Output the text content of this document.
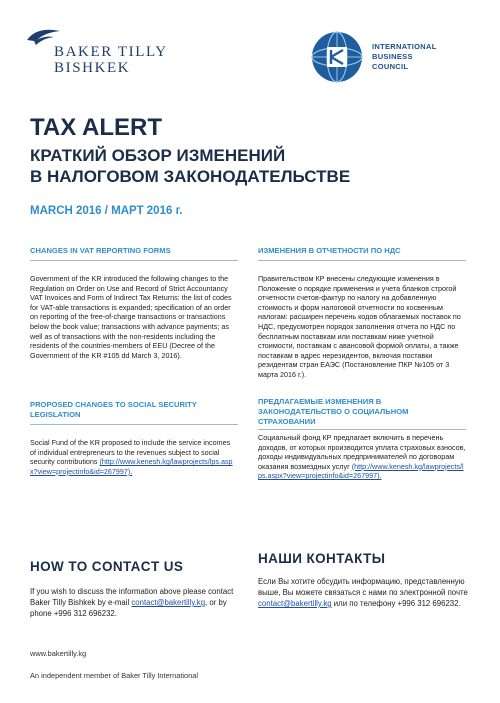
BAKER TILLY
BISHKEK
INTERNATIONAL
BUSINESS
COUNCIL
TAX ALERT
КРАТКИЙ ОБЗОР ИЗМЕНЕНИЙ
В НАЛОГОВОМ ЗАКОНОДАТЕЛЬСТВЕ
MARCH 2016 / МАРТ 2016 г.
CHANGES IN VAT REPORTING FORMS
Government of the KR introduced the following changes to the Regulation on Order on Use and Record of Strict Accountancy VAT Invoices and Form of Indirect Tax Returns: the list of codes for VAT-able transactions is expanded; specification of an order on reporting of the free-of-charge transactions or transactions below the book value; transactions with advance payments; as well as of transactions with the non-residents including the residents of the countries-members of EEU (Decree of the Government of the KR #105 dd March 3, 2016).
PROPOSED CHANGES TO SOCIAL SECURITY LEGISLATION
Social Fund of the KR proposed to include the service incomes of individual entrepreneurs to the revenues subject to social security contributions (http://www.kenesh.kg/lawprojects/lps.aspx?view=projectinfo&id=267997).
ИЗМЕНЕНИЯ В ОТЧЕТНОСТИ ПО НДС
Правительством КР внесены следующие изменения в Положение о порядке применения и учета бланков строгой отчетности счетов-фактур по налогу на добавленную стоимость и форм налоговой отчетности по косвенным налогам: расширен перечень кодов облагаемых поставок по НДС, предусмотрен порядок заполнения отчета по НДС по бесплатным поставкам или поставкам ниже учетной стоимости, поставкам с авансовой формой оплаты, а также поставкам в адрес нерезидентов, включая поставки резидентам стран ЕАЭС (Постановление ПКР №105 от 3 марта 2016 г.).
ПРЕДЛАГАЕМЫЕ ИЗМЕНЕНИЯ В ЗАКОНОДАТЕЛЬСТВО О СОЦИАЛЬНОМ СТРАХОВАНИИ
Социальный фонд КР предлагает включить в перечень доходов, от которых производится уплата страховых взносов, доходы индивидуальных предпринимателей по договорам оказания возмездных услуг (http://www.kenesh.kg/lawprojects/lps.aspx?view=projectinfo&id=267997).
HOW TO CONTACT US
If you wish to discuss the information above please contact Baker Tilly Bishkek by e-mail contact@bakertilly.kg, or by phone +996 312 696232.
НАШИ КОНТАКТЫ
Если Вы хотите обсудить информацию, представленную выше, Вы можете связаться с нами по электронной почте contact@bakertilly.kg или по телефону +996 312 696232.
www.bakertilly.kg
An independent member of Baker Tilly International
